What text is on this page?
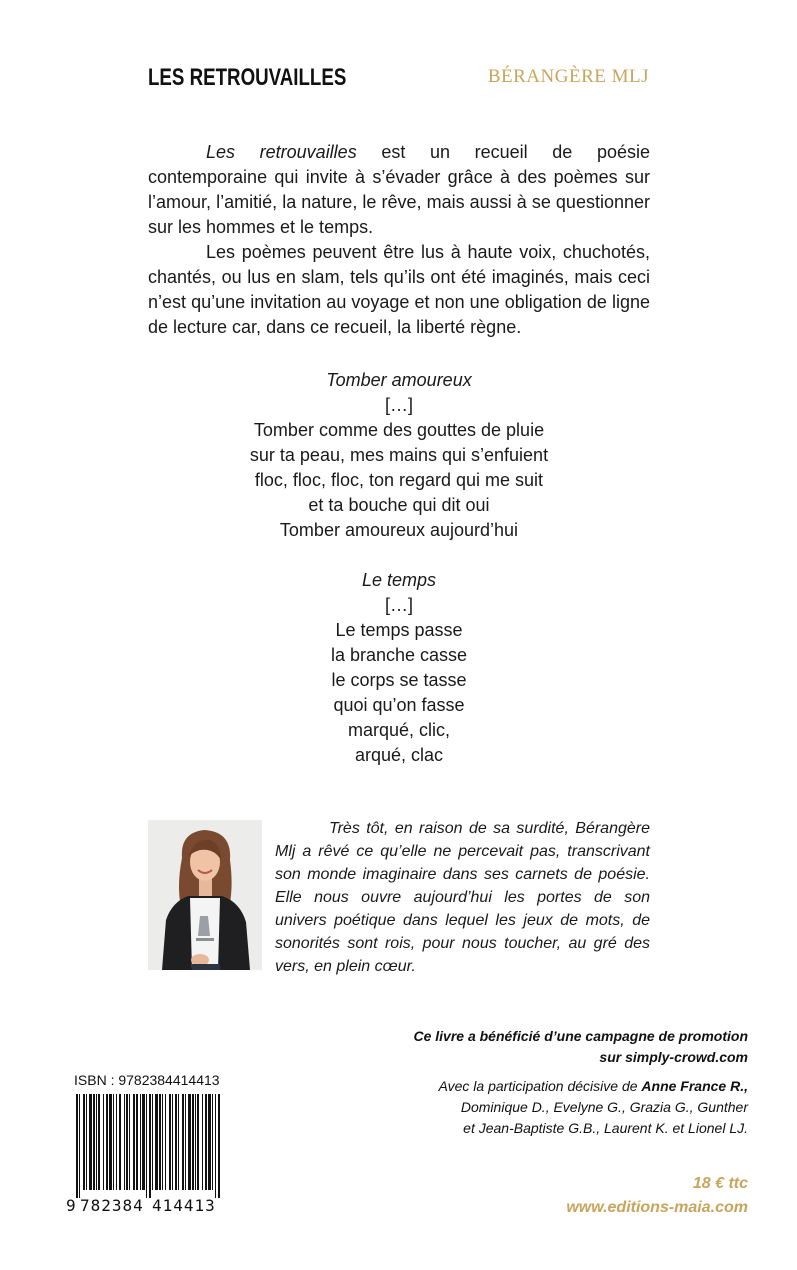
LES RETROUVAILLES	BÉRANGÈRE MLJ

Les retrouvailles est un recueil de poésie contemporaine qui invite à s’évader grâce à des poèmes sur l’amour, l’amitié, la nature, le rêve, mais aussi à se questionner sur les hommes et le temps.

Les poèmes peuvent être lus à haute voix, chuchotés, chantés, ou lus en slam, tels qu’ils ont été imaginés, mais ceci n’est qu’une invitation au voyage et non une obligation de ligne de lecture car, dans ce recueil, la liberté règne.

Tomber amoureux
[…]
Tomber comme des gouttes de pluie
sur ta peau, mes mains qui s’enfuient
floc, floc, floc, ton regard qui me suit
et ta bouche qui dit oui
Tomber amoureux aujourd’hui
Le temps
[…]
Le temps passe
la branche casse
le corps se tasse
quoi qu’on fasse
marqué, clic,
arqué, clac

Très tôt, en raison de sa surdité, Bérangère Mlj a rêvé ce qu’elle ne percevait pas, transcrivant son monde imaginaire dans ses carnets de poésie. Elle nous ouvre aujourd’hui les portes de son univers poétique dans lequel les jeux de mots, de sonorités sont rois, pour nous toucher, au gré des vers, en plein cœur.

Ce livre a bénéficié d’une campagne de promotion
sur simply-crowd.com
Avec la participation décisive de Anne France R.,
Dominique D., Evelyne G., Grazia G., Gunther
et Jean-Baptiste G.B., Laurent K. et Lionel LJ.
ISBN : 9782384414413
9 782384 414413
18 € ttc
www.editions-maia.com
